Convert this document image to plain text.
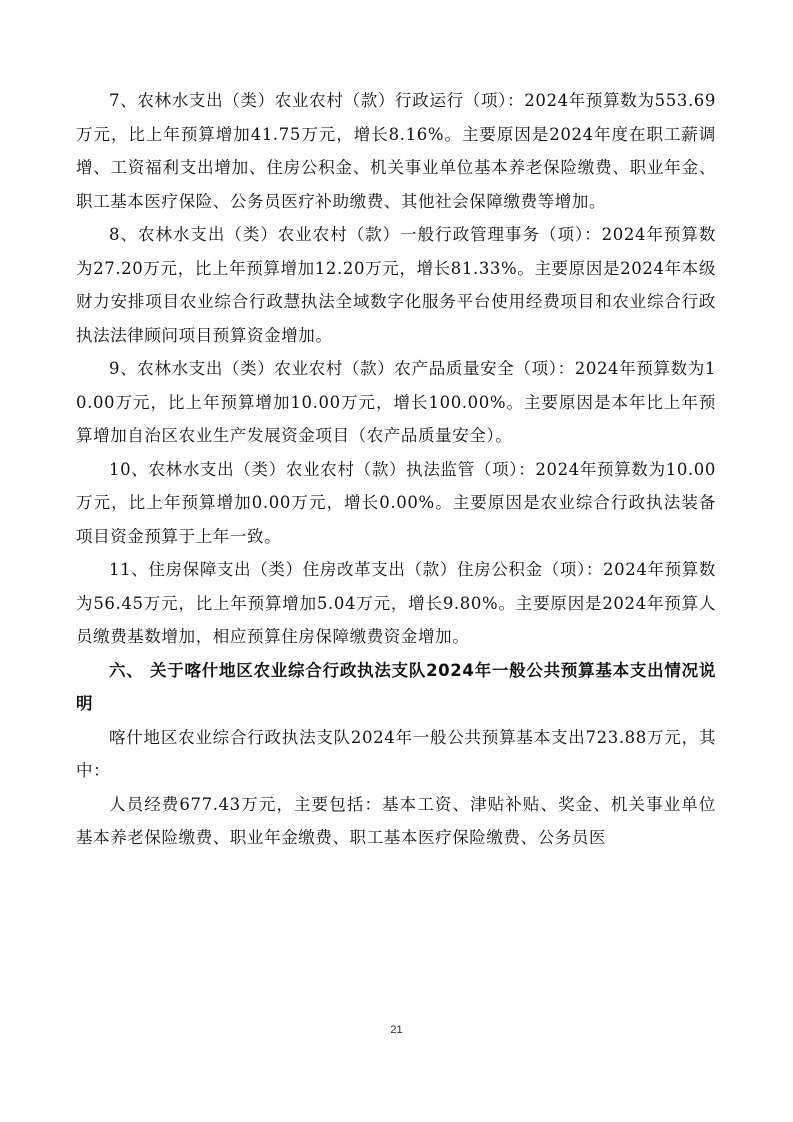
7、农林水支出（类）农业农村（款）行政运行（项）：2024年预算数为553.69万元，比上年预算增加41.75万元，增长8.16%。主要原因是2024年度在职工薪调增、工资福利支出增加、住房公积金、机关事业单位基本养老保险缴费、职业年金、职工基本医疗保险、公务员医疗补助缴费、其他社会保障缴费等增加。

8、农林水支出（类）农业农村（款）一般行政管理事务（项）：2024年预算数为27.20万元，比上年预算增加12.20万元，增长81.33%。主要原因是2024年本级财力安排项目农业综合行政慧执法全域数字化服务平台使用经费项目和农业综合行政执法法律顾问项目预算资金增加。

9、农林水支出（类）农业农村（款）农产品质量安全（项）：2024年预算数为10.00万元，比上年预算增加10.00万元，增长100.00%。主要原因是本年比上年预算增加自治区农业生产发展资金项目（农产品质量安全）。

10、农林水支出（类）农业农村（款）执法监管（项）：2024年预算数为10.00万元，比上年预算增加0.00万元，增长0.00%。主要原因是农业综合行政执法装备项目资金预算于上年一致。

11、住房保障支出（类）住房改革支出（款）住房公积金（项）：2024年预算数为56.45万元，比上年预算增加5.04万元，增长9.80%。主要原因是2024年预算人员缴费基数增加，相应预算住房保障缴费资金增加。

六、 关于喀什地区农业综合行政执法支队2024年一般公共预算基本支出情况说明

喀什地区农业综合行政执法支队2024年一般公共预算基本支出723.88万元，其中：

人员经费677.43万元，主要包括：基本工资、津贴补贴、奖金、机关事业单位基本养老保险缴费、职业年金缴费、职工基本医疗保险缴费、公务员医

21
